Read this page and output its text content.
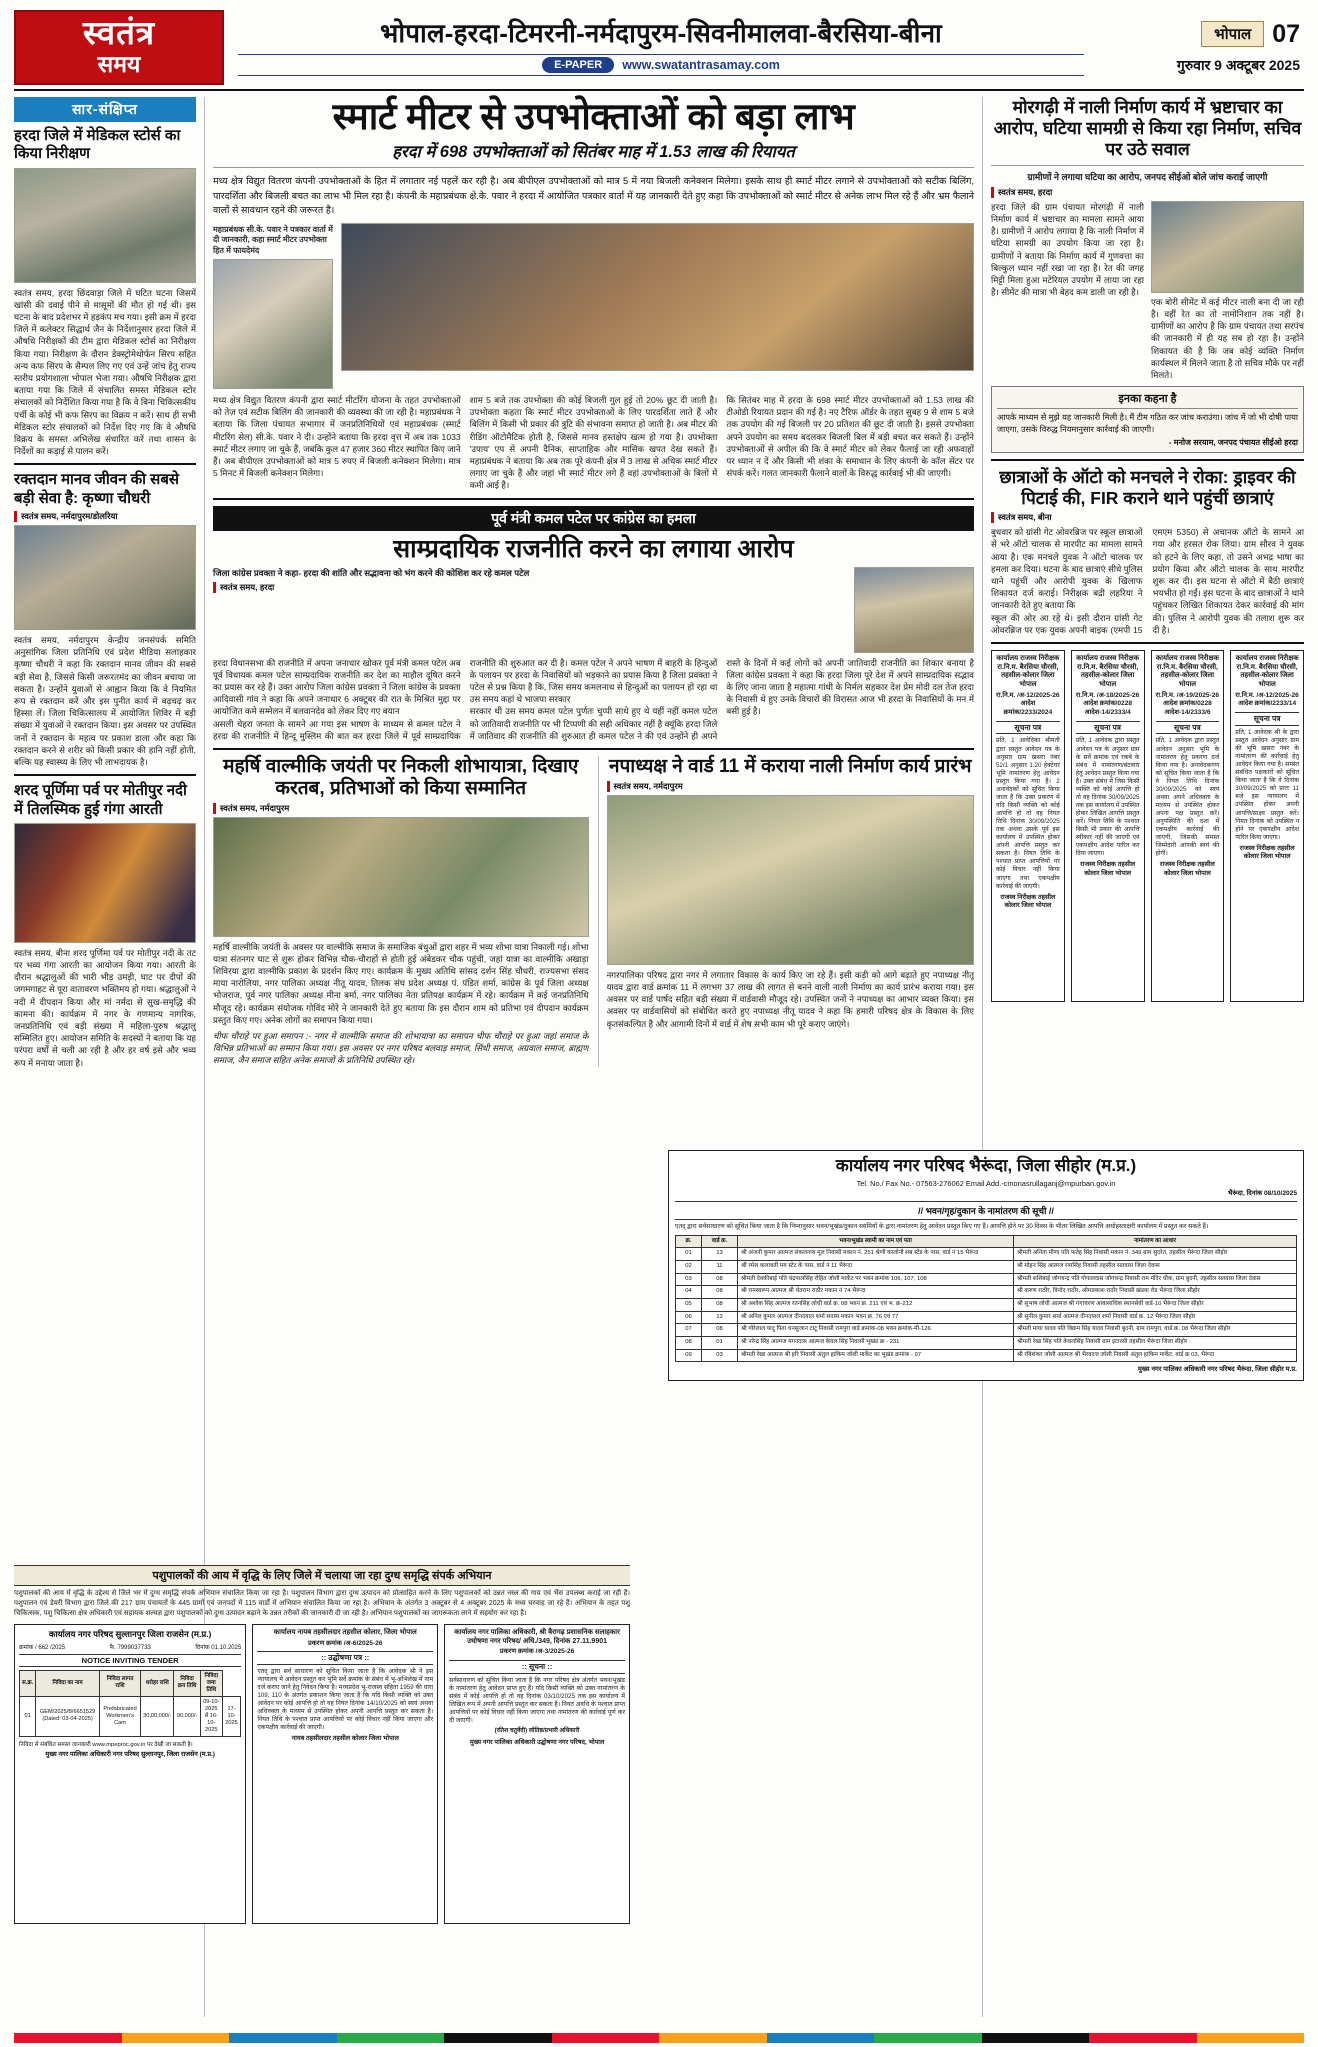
स्वतंत्र
समय
भोपाल-हरदा-टिमरनी-नर्मदापुरम-सिवनीमालवा-बैरसिया-बीना
E-PAPER	www.swatantrasamay.com
भोपाल 07
गुरुवार 9 अक्टूबर 2025
सार-संक्षिप्त
हरदा जिले में मेडिकल स्टोर्स का किया निरीक्षण
स्वतंत्र समय, हरदा छिंदवाड़ा जिले में घटित घटना जिसमें खांसी की दवाई पीने से मासूमों की मौत हो गई थी। इस घटना के बाद प्रदेशभर में हड़कंप मच गया। इसी क्रम में हरदा जिले में कलेक्टर सिद्धार्थ जैन के निर्देशानुसार हरदा जिले में औषधि निरीक्षकों की टीम द्वारा मेडिकल स्टोर्स का निरीक्षण किया गया। निरीक्षण के दौरान डेक्स्ट्रोमेथोर्फन सिरप सहित अन्य कफ सिरप के सैम्पल लिए गए एवं उन्हें जांच हेतु राज्य स्तरीय प्रयोगशाला भोपाल भेजा गया। औषधि निरीक्षक द्वारा बताया गया कि जिले में संचालित समस्त मेडिकल स्टोर संचालकों को निर्देशित किया गया है कि वे बिना चिकित्सकीय पर्ची के कोई भी कफ सिरप का विक्रय न करें। साथ ही सभी मेडिकल स्टोर संचालकों को निर्देश दिए गए कि वे औषधि विक्रय के समस्त अभिलेख संधारित करें तथा शासन के निर्देशों का कड़ाई से पालन करें।
रक्तदान मानव जीवन की सबसे बड़ी सेवा है: कृष्णा चौधरी
स्वतंत्र समय, नर्मदापुरम/डोलरिया
स्वतंत्र समय, नर्मदापुरम केन्द्रीय जनसंपर्क समिति अनुसांगिक जिला प्रतिनिधि एवं प्रदेश मीडिया सलाहकार कृष्णा चौधरी ने कहा कि रक्तदान मानव जीवन की सबसे बड़ी सेवा है, जिससे किसी जरूरतमंद का जीवन बचाया जा सकता है। उन्होंने युवाओं से आह्वान किया कि वे नियमित रूप से रक्तदान करें और इस पुनीत कार्य में बढ़चढ़ कर हिस्सा लें। जिला चिकित्सालय में आयोजित शिविर में बड़ी संख्या में युवाओं ने रक्तदान किया। इस अवसर पर उपस्थित जनों ने रक्तदान के महत्व पर प्रकाश डाला और कहा कि रक्तदान करने से शरीर को किसी प्रकार की हानि नहीं होती, बल्कि यह स्वास्थ्य के लिए भी लाभदायक है।
शरद पूर्णिमा पर्व पर मोतीपुर नदी में तिलस्मिक हुई गंगा आरती
स्वतंत्र समय, बीना शरद पूर्णिमा पर्व पर मोतीपुर नदी के तट पर भव्य गंगा आरती का आयोजन किया गया। आरती के दौरान श्रद्धालुओं की भारी भीड़ उमड़ी, घाट पर दीपों की जगमगाहट से पूरा वातावरण भक्तिमय हो गया। श्रद्धालुओं ने नदी में दीपदान किया और मां नर्मदा से सुख-समृद्धि की कामना की। कार्यक्रम में नगर के गणमान्य नागरिक, जनप्रतिनिधि एवं बड़ी संख्या में महिला-पुरुष श्रद्धालु सम्मिलित हुए। आयोजन समिति के सदस्यों ने बताया कि यह परंपरा वर्षों से चली आ रही है और हर वर्ष इसे और भव्य रूप में मनाया जाता है।
स्मार्ट मीटर से उपभोक्ताओं को बड़ा लाभ
हरदा में 698 उपभोक्ताओं को सितंबर माह में 1.53 लाख की रियायत
मध्य क्षेत्र विद्युत वितरण कंपनी उपभोक्ताओं के हित में लगातार नई पहलें कर रही है। अब बीपीएल उपभोक्ताओं को मात्र 5 में नया बिजली कनेक्शन मिलेगा। इसके साथ ही स्मार्ट मीटर लगाने से उपभोक्ताओं को सटीक बिलिंग, पारदर्शिता और बिजली बचत का लाभ भी मिल रहा है। कंपनी के महाप्रबंधक क्षे.के. पवार ने हरदा में आयोजित पत्रकार वार्ता में यह जानकारी देते हुए कहा कि उपभोक्ताओं को स्मार्ट मीटर से अनेक लाभ मिल रहे हैं और भ्रम फैलाने वालों से सावधान रहने की जरूरत है।
महाप्रबंधक सी.के. पवार ने पत्रकार वार्ता में दी जानकारी, कहा स्मार्ट मीटर उपभोक्ता हित में फायदेमंद
मध्य क्षेत्र विद्युत वितरण कंपनी द्वारा स्मार्ट मीटरिंग योजना के तहत उपभोक्ताओं को तेज़ एवं सटीक बिलिंग की जानकारी की व्यवस्था की जा रही है। महाप्रबंधक ने बताया कि जिला पंचायत सभागार में जनप्रतिनिधियों एवं महाप्रबंधक (स्मार्ट मीटरिंग सेल) सी.के. पवार ने दी। उन्होंने बताया कि हरदा वृत्त में अब तक 1033 स्मार्ट मीटर लगाए जा चुके हैं, जबकि कुल 47 हजार 360 मीटर स्थापित किए जाने हैं। अब बीपीएल उपभोक्ताओं को मात्र 5 रुपए में बिजली कनेक्शन मिलेगा। मात्र 5 मिनट में बिजली कनेक्शन मिलेगा।
शाम 5 बजे तक उपभोक्ता की कोई बिजली गुल हुई तो 20% छूट दी जाती है। उपभोक्ता कहता कि स्मार्ट मीटर उपभोक्ताओं के लिए पारदर्शिता लाते हैं और बिलिंग में किसी भी प्रकार की त्रुटि की संभावना समाप्त हो जाती है। अब मीटर की रीडिंग ऑटोमैटिक होती है, जिससे मानव हस्तक्षेप खत्म हो गया है। उपभोक्ता 'उपाय' एप से अपनी दैनिक, साप्ताहिक और मासिक खपत देख सकते हैं। महाप्रबंधक ने बताया कि अब तक पूरे कंपनी क्षेत्र में 3 लाख से अधिक स्मार्ट मीटर लगाए जा चुके हैं और जहां भी स्मार्ट मीटर लगे हैं वहां उपभोक्ताओं के बिलों में कमी आई है।
कि सितंबर माह में हरदा के 698 स्मार्ट मीटर उपभोक्ताओं को 1.53 लाख की टीओडी रियायत प्रदान की गई है। नए टैरिफ ऑर्डर के तहत सुबह 9 से शाम 5 बजे तक उपयोग की गई बिजली पर 20 प्रतिशत की छूट दी जाती है। इससे उपभोक्ता अपने उपयोग का समय बदलकर बिजली बिल में बड़ी बचत कर सकते हैं। उन्होंने उपभोक्ताओं से अपील की कि वे स्मार्ट मीटर को लेकर फैलाई जा रही अफवाहों पर ध्यान न दें और किसी भी शंका के समाधान के लिए कंपनी के कॉल सेंटर पर संपर्क करें। गलत जानकारी फैलाने वालों के विरुद्ध कार्रवाई भी की जाएगी।
पूर्व मंत्री कमल पटेल पर कांग्रेस का हमला
साम्प्रदायिक राजनीति करने का लगाया आरोप
जिला कांग्रेस प्रवक्ता ने कहा- हरदा की शांति और सद्भावना को भंग करने की कोशिश कर रहे कमल पटेल
स्वतंत्र समय, हरदा
हरदा विधानसभा की राजनीति में अपना जनाधार खोकर पूर्व मंत्री कमल पटेल अब पूर्व विधायक कमल पटेल साम्प्रदायिक राजनीति कर देश का माहौल दूषित करने का प्रयास कर रहे हैं। उक्त आरोप जिला कांग्रेस प्रवक्ता ने जिला कांग्रेस के प्रवक्ता आदिवासी गांव ने कहा कि अपने जनाधार 6 अक्टूबर की रात के मिश्रित मुद्दा पर आयोजित कमे सम्मेलन में बलवानदेव को लेकर दिए गए बयान
असली चेहरा जनता के सामने आ गया इस भाषण के माध्यम से कमल पटेल ने हरदा की राजनीति में हिन्दू मुस्लिम की बात कर हरदा जिले में पूर्व साम्प्रदायिक राजनीति की शुरुआत कर दी है। कमल पटेल ने अपने भाषण में बाहरी के हिन्दुओं के पलायन पर हरदा के निवासियों को भड़काने का प्रयास किया है जिला प्रवक्ता ने पटेल से प्रश्न किया है कि, जिस समय कमलनाथ से हिन्दुओं का पलायन हो रहा था उस समय कहां थे भाजपा सरकार
सरकार थी उस समय कमल पटेल पुर्णतः चुप्पी साधे हुए थे यहीं नहीं कमल पटेल को जातिवादी राजनीति पर भी टिप्पणी की सही अधिकार नहीं है क्यूंकि हरदा जिले में जातिवाद की राजनीति की शुरुआत ही कमल पटेल ने की एवं उन्होंने ही अपने रास्ते के दिनों में कई लोगों को अपनी जातिवादी राजनीति का शिकार बनाया है जिला कांग्रेस प्रवक्ता ने कहा कि हरदा जिला पूरे देश में अपने साम्प्रदायिक सद्भाव के लिए जाना जाता है महात्मा गांधी के निर्मल सहकार देश प्रेम मोदी दल तेज हरदा के निवासी थे हुए उनके विचारों की विरासत आज भी हरदा के निवासियों के मन में बसी हुई है।
महर्षि वाल्मीकि जयंती पर निकली शोभायात्रा, दिखाए करतब, प्रतिभाओं को किया सम्मानित
स्वतंत्र समय, नर्मदापुरम
महर्षि वाल्मीकि जयंती के अवसर पर वाल्मीकि समाज के समाजिक बंधुओं द्वारा शहर में भव्य शोभा यात्रा निकाली गई। शोभा यात्रा संतनगर घाट से शुरू होकर विभिन्न चौक-चौराहों से होती हुई अंबेडकर चौक पहुंची, जहां यात्रा का वाल्मीकि अखाड़ा शिविरया द्वारा वाल्मीकि प्रकाश के प्रदर्शन किए गए। कार्यक्रम के मुख्य अतिथि सांसद दर्शन सिंह चौधरी, राज्यसभा संसद माया नारोलिया, नगर पालिका अध्यक्ष नीतू यादव, तिलक संघ प्रदेश अध्यक्ष पं. पंडित शर्मा, कांग्रेस के पूर्व जिला अध्यक्ष भोजराज, पूर्व नगर पालिका अध्यक्ष मीना बर्मा, नगर पालिका नेता प्रतिपक्ष कार्यक्रम में रहे। कार्यक्रम में कई जनप्रतिनिधि मौजूद रहे। कार्यक्रम संयोजक गोविंद मोरे ने जानकारी देते हुए बताया कि इस दौरान शाम को प्रतिभा एवं दीपदान कार्यक्रम प्रस्तुत किए गए। अनेक लोगों का समापन किया गया।
चीफ चौराहे पर हुआ समापन :- नगर में वाल्मीकि समाज की शोभायात्रा का समापन चीफ चौराहे पर हुआ जहां समाज के विभिन्न प्रतिभाओं का सम्मान किया गया। इस अवसर पर नगर परिषद बलवाड़ समाज, सिंधी समाज, अग्रवाल समाज, ब्राह्मण समाज, जैन समाज सहित अनेक समाजों के प्रतिनिधि उपस्थित रहे।
नपाध्यक्ष ने वार्ड 11 में कराया नाली निर्माण कार्य प्रारंभ
स्वतंत्र समय, नर्मदापुरम
नगरपालिका परिषद द्वारा नगर में लगातार विकास के कार्य किए जा रहे हैं। इसी कड़ी को आगे बढ़ाते हुए नपाध्यक्ष नीतू यादव द्वारा वार्ड क्रमांक 11 में लगभग 37 लाख की लागत से बनने वाली नाली निर्माण का कार्य प्रारंभ कराया गया। इस अवसर पर वार्ड पार्षद सहित बड़ी संख्या में वार्डवासी मौजूद रहे। उपस्थित जनों ने नपाध्यक्ष का आभार व्यक्त किया। इस अवसर पर वार्डवासियों को संबोधित करते हुए नपाध्यक्ष नीतू यादव ने कहा कि हमारी परिषद क्षेत्र के विकास के लिए कृतसंकल्पित है और आगामी दिनों में वार्ड में शेष सभी काम भी पूरे कराए जाएंगे।
मोरगढ़ी में नाली निर्माण कार्य में भ्रष्टाचार का आरोप, घटिया सामग्री से किया रहा निर्माण, सचिव पर उठे सवाल
ग्रामीणों ने लगाया घटिया का आरोप, जनपद सीईओ बोले जांच कराई जाएगी
स्वतंत्र समय, हरदा
हरदा जिले की ग्राम पंचायत मोरगढ़ी में नाली निर्माण कार्य में भ्रष्टाचार का मामला सामने आया है। ग्रामीणों ने आरोप लगाया है कि नाली निर्माण में घटिया सामग्री का उपयोग किया जा रहा है। ग्रामीणों ने बताया कि निर्माण कार्य में गुणवत्ता का बिल्कुल ध्यान नहीं रखा जा रहा है। रेत की जगह मिट्टी मिला हुआ मटेरियल उपयोग में लाया जा रहा है। सीमेंट की मात्रा भी बेहद कम डाली जा रही है।
एक बोरी सीमेंट में कई मीटर नाली बना दी जा रही है। वहीं रेत का तो नामोनिशान तक नहीं है। ग्रामीणों का आरोप है कि ग्राम पंचायत तथा सरपंच की जानकारी में ही यह सब हो रहा है। उन्होंने शिकायत की है कि जब कोई व्यक्ति निर्माण कार्यस्थल में मिलने जाता है तो सचिव मौके पर नहीं मिलते।
इनका कहना है
आपके माध्यम से मुझे यह जानकारी मिली है। मैं टीम गठित कर जांच कराउंगा। जांच में जो भी दोषी पाया जाएगा, उसके विरुद्ध नियमानुसार कार्रवाई की जाएगी।
- मनोज सरयाम, जनपद पंचायत सीईओ हरदा
छात्राओं के ऑटो को मनचले ने रोका: ड्राइवर की पिटाई की, FIR कराने थाने पहुंचीं छात्राएं
स्वतंत्र समय, बीना
बुधवार को ग्रांसी गेट ओवरब्रिज पर स्कूल छात्राओं से भरे ऑटो चालक से मारपीट का मामला सामने आया है। एक मनचले युवक ने ऑटो चालक पर हमला कर दिया। घटना के बाद छात्राएं सीधे पुलिस थाने पहुंचीं और आरोपी युवक के खिलाफ शिकायत दर्ज कराई। निरीक्षक बद्री लहरिया ने जानकारी देते हुए बताया कि
स्कूल की ओर आ रहे थे। इसी दौरान ग्रांसी गेट ओवरब्रिज पर एक युवक अपनी बाइक (एमपी 15 एमएम 5350) से अचानक ऑटो के सामने आ गया और हरसत रोक लिया। ग्राम सौरव ने युवक को हटने के लिए कहा, तो उसने अभद्र भाषा का प्रयोग किया और ऑटो चालक के साथ मारपीट शुरू कर दी। इस घटना से ऑटो में बैठी छात्राएं भयभीत हो गईं। इस घटना के बाद छात्राओं ने थाने पहुंचकर लिखित शिकायत देकर कार्रवाई की मांग की। पुलिस ने आरोपी युवक की तलाश शुरू कर दी है।
कार्यालय राजस्व निरीक्षक रा.नि.म. बैरसिया चौरसी, तहसील-कोलार जिला भोपाल
रा.नि.म. /अ-12/2025-26 आदेश क्रमांक/2233/2024
सूचना पत्र
प्रति, 1 आवेदिका श्रीमती द्वारा प्रस्तुत आवेदन पत्र के अनुसार ग्राम खसरा नंबर 52/1 अनुसार 1.20 हेक्टेयर भूमि नामांतरण हेतु आवेदन प्रस्तुत किया गया है। 2 अनावेदकों को सूचित किया जाता है कि उक्त प्रकरण में यदि किसी व्यक्ति को कोई आपत्ति हो तो वह नियत तिथि दिनांक 30/09/2025 तक अथवा उसके पूर्व इस कार्यालय में उपस्थित होकर अपनी आपत्ति प्रस्तुत कर सकता है। नियत तिथि के पश्चात प्राप्त आपत्तियों पर कोई विचार नहीं किया जाएगा तथा एकपक्षीय कार्रवाई की जाएगी।
राजस्व निरीक्षक तहसील कोलार जिला भोपाल
कार्यालय राजस्व निरीक्षक रा.नि.म. बैरसिया चौरसी, तहसील-कोलार जिला भोपाल
रा.नि.म. /अ-18/2025-26 आदेश क्रमांक/0228 आदेश-14/2333/4
सूचना पत्र
प्रति, 1 आवेदक द्वारा प्रस्तुत आवेदन पत्र के अनुसार ग्राम के सर्वे क्रमांक एवं रकबे के संबंध में नामांतरण/बंटवारा हेतु आवेदन प्रस्तुत किया गया है। उक्त संबंध में जिस किसी व्यक्ति को कोई आपत्ति हो तो वह दिनांक 30/09/2025 तक इस कार्यालय में उपस्थित होकर लिखित आपत्ति प्रस्तुत करें। नियत तिथि के पश्चात किसी भी प्रकार की आपत्ति स्वीकार नहीं की जाएगी एवं एकपक्षीय आदेश पारित कर दिया जाएगा।
राजस्व निरीक्षक तहसील कोलार जिला भोपाल
कार्यालय राजस्व निरीक्षक रा.नि.म. बैरसिया चौरसी, तहसील-कोलार जिला भोपाल
रा.नि.म. /अ-19/2025-26 आदेश क्रमांक/0228 आदेश-14/2333/6
सूचना पत्र
प्रति, 1 आवेदक द्वारा प्रस्तुत आवेदन अनुसार भूमि के नामांतरण हेतु प्रकरण दर्ज किया गया है। अनावेदकगण को सूचित किया जाता है कि वे नियत तिथि दिनांक 30/09/2025 को स्वयं अथवा अपने अधिवक्ता के माध्यम से उपस्थित होकर अपना पक्ष प्रस्तुत करें। अनुपस्थिति की दशा में एकपक्षीय कार्रवाई की जाएगी, जिसकी समस्त जिम्मेदारी आपकी स्वयं की होगी।
राजस्व निरीक्षक तहसील कोलार जिला भोपाल
कार्यालय राजस्व निरीक्षक रा.नि.म. बैरसिया चौरसी, तहसील-कोलार जिला भोपाल
रा.नि.म. /अ-12/2025-26 आदेश क्रमांक/2233/14
सूचना पत्र
प्रति, 1 आवेदक श्री के द्वारा प्रस्तुत आवेदन अनुसार ग्राम की भूमि खसरा नंबर के नामांतरण की कार्रवाई हेतु आवेदन किया गया है। समस्त संबंधित पक्षकारों को सूचित किया जाता है कि वे दिनांक 30/09/2025 को प्रातः 11 बजे इस न्यायालय में उपस्थित होकर अपनी आपत्ति/साक्ष्य प्रस्तुत करें। नियत दिनांक को उपस्थित न होने पर एकपक्षीय आदेश पारित किया जाएगा।
राजस्व निरीक्षक तहसील कोलार जिला भोपाल
कार्यालय नगर परिषद भैरूंदा, जिला सीहोर (म.प्र.)
Tel. No./ Fax No.- 07563-276062 Email Add.-cmonasrullaganj@mpurban.gov.in
भैरूंदा, दिनांक 08/10/2025
// भवन/गृह/दुकान के नामांतरण की सूची //
एतद् द्वारा सर्वसाधारण को सूचित किया जाता है कि निम्नानुसार भवन/भूखंड/दुकान स्वामियों के द्वारा नामांतरण हेतु आवेदन प्रस्तुत किए गए हैं। आपत्ति होने पर 30 दिवस के भीतर लिखित आपत्ति अधोहस्ताक्षरी कार्यालय में प्रस्तुत कर सकते हैं।
क्र.	वार्ड क्र.	भवन/भूखंड स्वामी का नाम एवं पता	नामांतरण का आधार
01	13	श्री अंजनी कुमार आत्मज संकलनाथ मूल निवासी मकान नं. 251 श्रेणी कालोनी सब स्टेंड के पास, वार्ड नं 15 भैरूंदा	श्रीमती अनिता मीणा पति फतेह सिंह निवासी मकान नं. 349 ग्राम सुदरेत, तहसील भैरूंदा जिला सीहोर
02	11	श्री रमेश कलावती मय स्टेट के पास, वार्ड नं 11 भैरूंदा	श्री मोहन सिंह आत्मज रामसिंह निवासी तहसील सतवास जिला देवास
03	08	श्रीमती देवकीबाई पति चंद्रपालसिंह रोहित जोशी मार्केट पर भवन क्रमांक 106, 107, 108	श्रीमती शशिबाई जोगचन्द्र पति गोपालदास जोगचन्द्र निवासी राम मंदिर चौक, ग्राम बुदनी, तहसील सतवास जिला देवास
04	08	श्री रामस्वरूप आत्मज श्री चेतराम राठौर मकान नं 74 भैरूंदा	श्री करुण राठौर, विनोद राठौर, ओमप्रकाश राठौर निवासी खंडवा रोड भैरूंदा जिला सीहोर
05	08	श्री अशोक सिंह आत्मज रतनसिंह लोधी वार्ड क्र. 08 भवन क्र. 211 एवं भ. क्र-212	श्री सुभाष लोधी आत्मज श्री गंगाचरण आवासाधिक स्थानसेवी वार्ड-10 भैरूंदा जिला सीहोर
06	12	श्री अनिल कुमार आत्मज दीनदयाल शर्मा सदस्य मकान भवन क्र. 76 एवं 77	श्री सुनील कुमार शर्मा आत्मज दीनदयाल शर्मा निवासी वार्ड क्र. 12 भैरूंदा जिला सीहोर
07	08	श्री गोरेलाल यादु पिता धनसुजान टाटू निवासी रामपुरा वार्ड क्रमांक-08 भवन क्रमांक-मी-126	श्रीमती माया यादव पति विक्रम सिंह यादव निवासी बुदनी, ग्राम रामपुरा, वार्ड क्र. 08 भैरूंदा जिला सीहोर
08	01	श्री नरेन्द्र सिंह आत्मज मगनदास आत्मज केवल सिंह निवासी भूखंड क्र - 231	श्रीमती रेखा सिंह पति केवलसिंह निवासी ग्राम इटारसी तहसील भैरूंदा जिला सीहोर
09	03	श्रीमती रेखा आत्मज श्री हरि निवासी अंतुल हाकिम जोशी मार्केट का भूखंड क्रमांक - 97	श्री रविशंकर जोशी आत्मज श्री भैरवदत्त जोशी निवासी अंतुल हाकिम मार्केट, वार्ड क्र 03, भैरूंदा
मुख्य नगर पालिका अधिकारी नगर परिषद भैरूंदा, जिला सीहोर म.प्र.
पशुपालकों की आय में वृद्धि के लिए जिले में चलाया जा रहा दुग्ध समृद्धि संपर्क अभियान
पशुपालकों की आय में वृद्धि के उद्देश्य से जिले भर में दुग्ध समृद्धि संपर्क अभियान संचालित किया जा रहा है। पशुपालन विभाग द्वारा दुग्ध उत्पादन को प्रोत्साहित करने के लिए पशुपालकों को उन्नत नस्ल की गाय एवं भैंस उपलब्ध कराई जा रही हैं। पशुपालन एवं डेयरी विभाग द्वारा जिले की 217 ग्राम पंचायतों के 445 ग्रामों एवं जनपदों में 115 वार्डों में अभियान संचालित किया जा रहा है। अभियान के अंतर्गत 3 अक्टूबर से 4 अक्टूबर 2025 के मध्य घरवाह जा रहे हैं। अभियान के तहत पशु चिकित्सक, पशु चिकित्सा क्षेत्र अधिकारी एवं सहायक शल्यज्ञ द्वारा पशुपालकों को दुग्ध उत्पादन बढ़ाने के उन्नत तरीकों की जानकारी दी जा रही है। अभियान पशुपालकों का जागरूकता लाने में सहयोग कर रहा है।
कार्यालय नगर परिषद सुल्तानपुर जिला राजसेन (म.प्र.)
क्रमांक / 662 /2025	फै. 7999037733	दिनांक 01.10.2025
NOTICE INVITING TENDER
स.क्र.	निविदा का नाम	निविदा लागत राशि	धरोहर राशि	निविदा क्रय तिथि	निविदा जमा तिथि	
01	GEM/2025/B/6651529 (Dated: 03-04-2025)	Prefabricated Workmen's Cam	30,00,000/-	90,000/-	09-10-2025 से 16-10-2025	17-10-2025
निविदा से संबंधित समस्त जानकारी www.mpeproc.gov.in पर देखी जा सकती है।
मुख्य नगर पालिका अधिकारी नगर परिषद सुल्तानपुर, जिला राजसेन (म.प्र.)
कार्यालय नायब तहसीलदार तहसील कोलार, जिला भोपाल
प्रकरण क्रमांक /अ-6/2025-26
:: उद्घोषणा पत्र ::
एतद् द्वारा सर्व साधारण को सूचित किया जाता है कि आवेदक श्री ने इस न्यायालय में आवेदन प्रस्तुत कर भूमि सर्वे क्रमांक के संबंध में भू-अभिलेख में नाम दर्ज कराए जाने हेतु निवेदन किया है। मध्यप्रदेश भू-राजस्व संहिता 1959 की धारा 109, 110 के अंतर्गत प्रकाशन किया जाता है कि यदि किसी व्यक्ति को उक्त आवेदन पर कोई आपत्ति हो तो वह नियत दिनांक 14/10/2025 को स्वयं अथवा अधिवक्ता के माध्यम से उपस्थित होकर अपनी आपत्ति प्रस्तुत कर सकता है। नियत तिथि के पश्चात प्राप्त आपत्तियों पर कोई विचार नहीं किया जाएगा और एकपक्षीय कार्रवाई की जाएगी।
नायब तहसीलदार तहसील कोलार जिला भोपाल
कार्यालय नगर पालिका अधिकारी, श्री बैरागढ़ प्रशासनिक सलाहकार उधोषणा नगर परिषद/ अधि./349, दिनांक 27.11.9901
प्रकरण क्रमांक /अ-3/2025-26
:: सूचना ::
सर्वसाधारण को सूचित किया जाता है कि नगर परिषद क्षेत्र अंतर्गत भवन/भूखंड के नामांतरण हेतु आवेदन प्राप्त हुए हैं। यदि किसी व्यक्ति को उक्त नामांतरण के संबंध में कोई आपत्ति हो तो वह दिनांक 03/10/2025 तक इस कार्यालय में लिखित रूप में अपनी आपत्ति प्रस्तुत कर सकता है। नियत अवधि के पश्चात प्राप्त आपत्तियों पर कोई विचार नहीं किया जाएगा तथा नामांतरण की कार्रवाई पूर्ण कर दी जाएगी।
(रतिश चतुर्वेदी) लोतिष्ठ/प्रभारी अधिकारी
मुख्य नगर पालिका अधिकारी उद्घोषणा नगर परिषद, भोपाल
